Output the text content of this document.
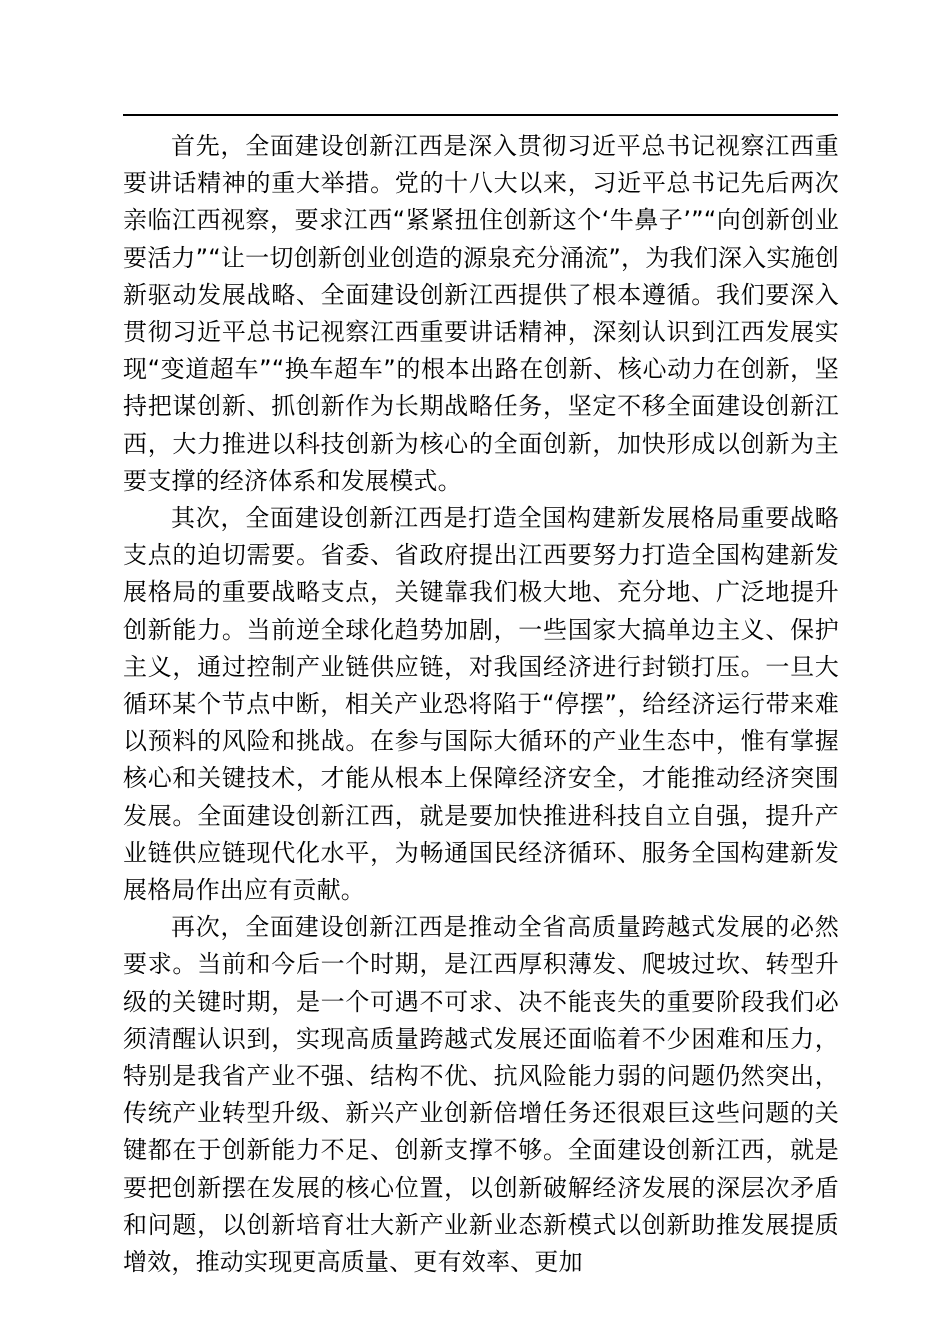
首先，全面建设创新江西是深入贯彻习近平总书记视察江西重要讲话精神的重大举措。党的十八大以来，习近平总书记先后两次亲临江西视察，要求江西“紧紧扭住创新这个‘牛鼻子’”“向创新创业要活力”“让一切创新创业创造的源泉充分涌流”，为我们深入实施创新驱动发展战略、全面建设创新江西提供了根本遵循。我们要深入贯彻习近平总书记视察江西重要讲话精神，深刻认识到江西发展实现“变道超车”“换车超车”的根本出路在创新、核心动力在创新，坚持把谋创新、抓创新作为长期战略任务，坚定不移全面建设创新江西，大力推进以科技创新为核心的全面创新，加快形成以创新为主要支撑的经济体系和发展模式。

其次，全面建设创新江西是打造全国构建新发展格局重要战略支点的迫切需要。省委、省政府提出江西要努力打造全国构建新发展格局的重要战略支点，关键靠我们极大地、充分地、广泛地提升创新能力。当前逆全球化趋势加剧，一些国家大搞单边主义、保护主义，通过控制产业链供应链，对我国经济进行封锁打压。一旦大循环某个节点中断，相关产业恐将陷于“停摆”，给经济运行带来难以预料的风险和挑战。在参与国际大循环的产业生态中，惟有掌握核心和关键技术，才能从根本上保障经济安全，才能推动经济突围发展。全面建设创新江西，就是要加快推进科技自立自强，提升产业链供应链现代化水平，为畅通国民经济循环、服务全国构建新发展格局作出应有贡献。

再次，全面建设创新江西是推动全省高质量跨越式发展的必然要求。当前和今后一个时期，是江西厚积薄发、爬坡过坎、转型升级的关键时期，是一个可遇不可求、决不能丧失的重要阶段我们必须清醒认识到，实现高质量跨越式发展还面临着不少困难和压力，特别是我省产业不强、结构不优、抗风险能力弱的问题仍然突出，传统产业转型升级、新兴产业创新倍增任务还很艰巨这些问题的关键都在于创新能力不足、创新支撑不够。全面建设创新江西，就是要把创新摆在发展的核心位置，以创新破解经济发展的深层次矛盾和问题，以创新培育壮大新产业新业态新模式以创新助推发展提质增效，推动实现更高质量、更有效率、更加
